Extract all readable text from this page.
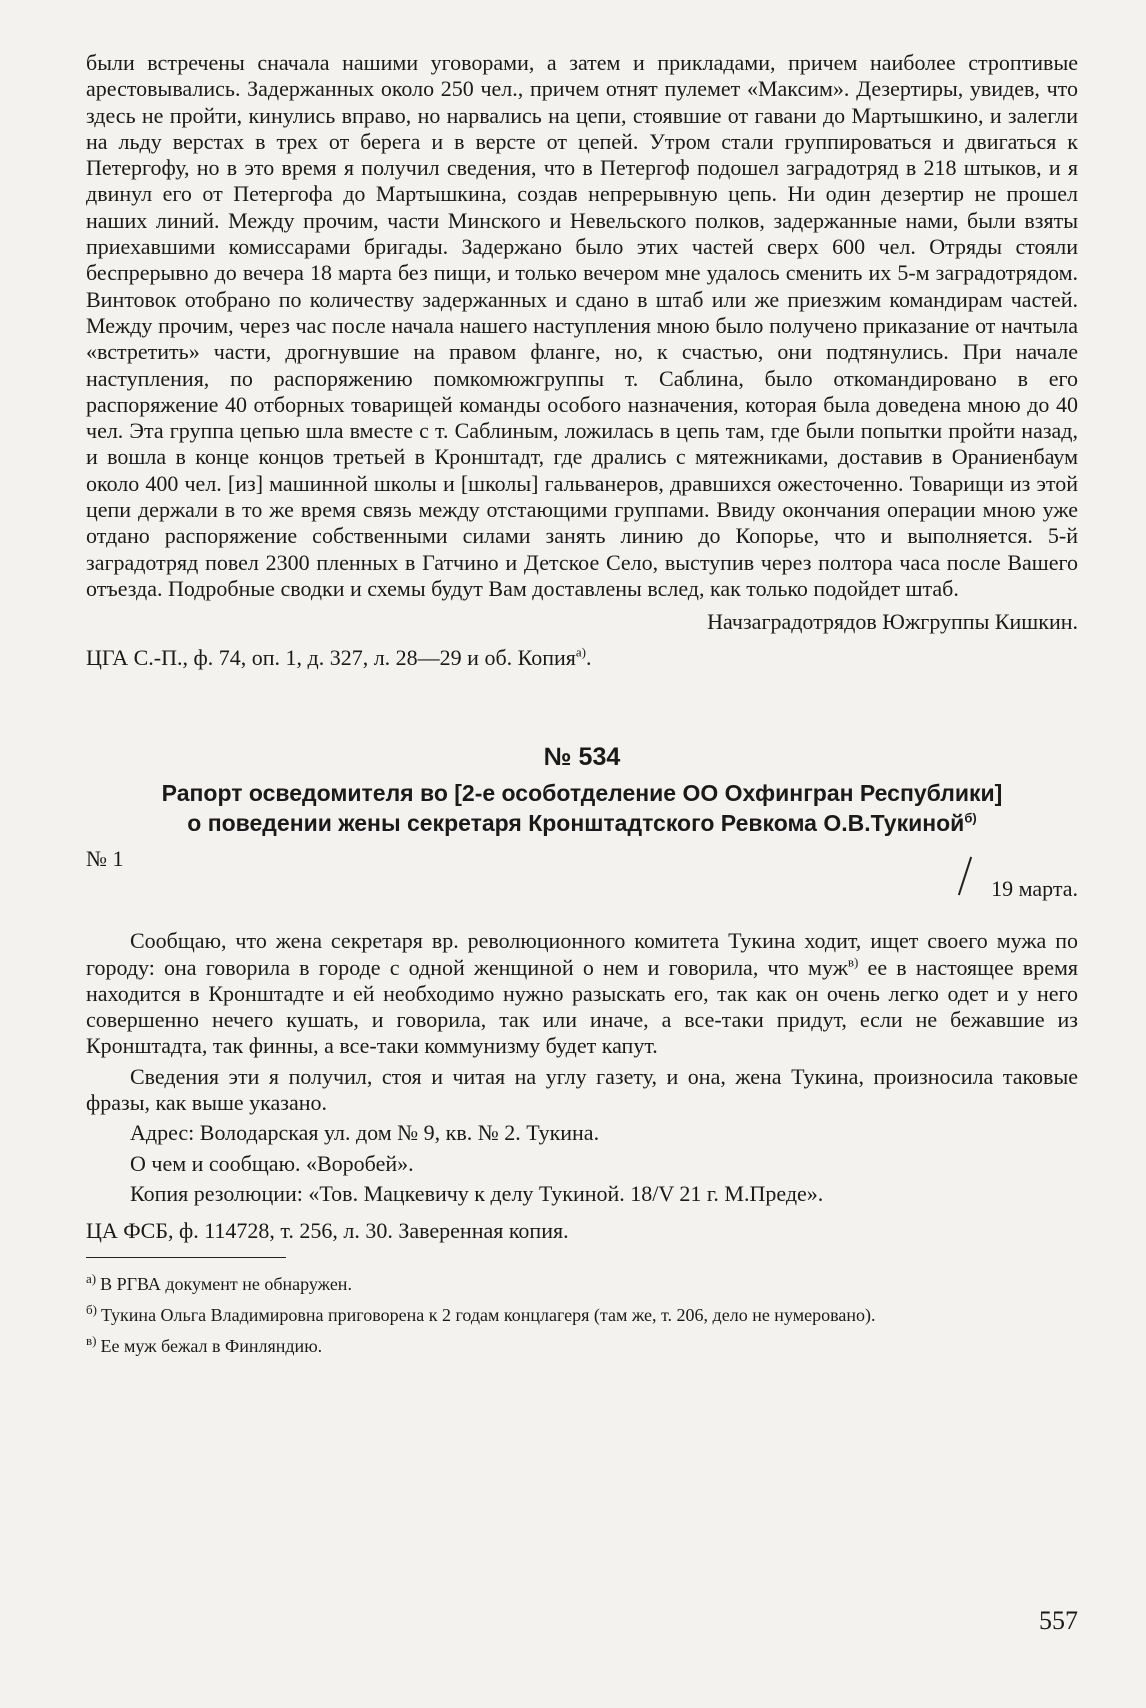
были встречены сначала нашими уговорами, а затем и прикладами, причем наиболее строптивые арестовывались. Задержанных около 250 чел., причем отнят пулемет «Максим». Дезертиры, увидев, что здесь не пройти, кинулись вправо, но нарвались на цепи, стоявшие от гавани до Мартышкино, и залегли на льду верстах в трех от берега и в версте от цепей. Утром стали группироваться и двигаться к Петергофу, но в это время я получил сведения, что в Петергоф подошел заградотряд в 218 штыков, и я двинул его от Петергофа до Мартышкина, создав непрерывную цепь. Ни один дезертир не прошел наших линий. Между прочим, части Минского и Невельского полков, задержанные нами, были взяты приехавшими комиссарами бригады. Задержано было этих частей сверх 600 чел. Отряды стояли беспрерывно до вечера 18 марта без пищи, и только вечером мне удалось сменить их 5-м заградотрядом. Винтовок отобрано по количеству задержанных и сдано в штаб или же приезжим командирам частей. Между прочим, через час после начала нашего наступления мною было получено приказание от начтыла «встретить» части, дрогнувшие на правом фланге, но, к счастью, они подтянулись. При начале наступления, по распоряжению помкомюжгруппы т. Саблина, было откомандировано в его распоряжение 40 отборных товарищей команды особого назначения, которая была доведена мною до 40 чел. Эта группа цепью шла вместе с т. Саблиным, ложилась в цепь там, где были попытки пройти назад, и вошла в конце концов третьей в Кронштадт, где дрались с мятежниками, доставив в Ораниенбаум около 400 чел. [из] машинной школы и [школы] гальванеров, дравшихся ожесточенно. Товарищи из этой цепи держали в то же время связь между отстающими группами. Ввиду окончания операции мною уже отдано распоряжение собственными силами занять линию до Копорье, что и выполняется. 5-й заградотряд повел 2300 пленных в Гатчино и Детское Село, выступив через полтора часа после Вашего отъезда. Подробные сводки и схемы будут Вам доставлены вслед, как только подойдет штаб.

Начзаградотрядов Южгруппы Кишкин.

ЦГА С.-П., ф. 74, оп. 1, д. 327, л. 28—29 и об. Копия$^{а)}$.

№ 534
Рапорт осведомителя во [2-е особотделение ОО Охфингран Республики]
о поведении жены секретаря Кронштадтского Ревкома О.В.Тукиной$^{б)}$
№ 1
19 марта.

Сообщаю, что жена секретаря вр. революционного комитета Тукина ходит, ищет своего мужа по городу: она говорила в городе с одной женщиной о нем и говорила, что муж$^{в)}$ ее в настоящее время находится в Кронштадте и ей необходимо нужно разыскать его, так как он очень легко одет и у него совершенно нечего кушать, и говорила, так или иначе, а все-таки придут, если не бежавшие из Кронштадта, так финны, а все-таки коммунизму будет капут.

Сведения эти я получил, стоя и читая на углу газету, и она, жена Тукина, произносила таковые фразы, как выше указано.

Адрес: Володарская ул. дом № 9, кв. № 2. Тукина.

О чем и сообщаю. «Воробей».

Копия резолюции: «Тов. Мацкевичу к делу Тукиной. 18/V 21 г. М.Преде».

ЦА ФСБ, ф. 114728, т. 256, л. 30. Заверенная копия.

$^{а)}$ В РГВА документ не обнаружен.

$^{б)}$ Тукина Ольга Владимировна приговорена к 2 годам концлагеря (там же, т. 206, дело не нумеровано).

$^{в)}$ Ее муж бежал в Финляндию.

557
